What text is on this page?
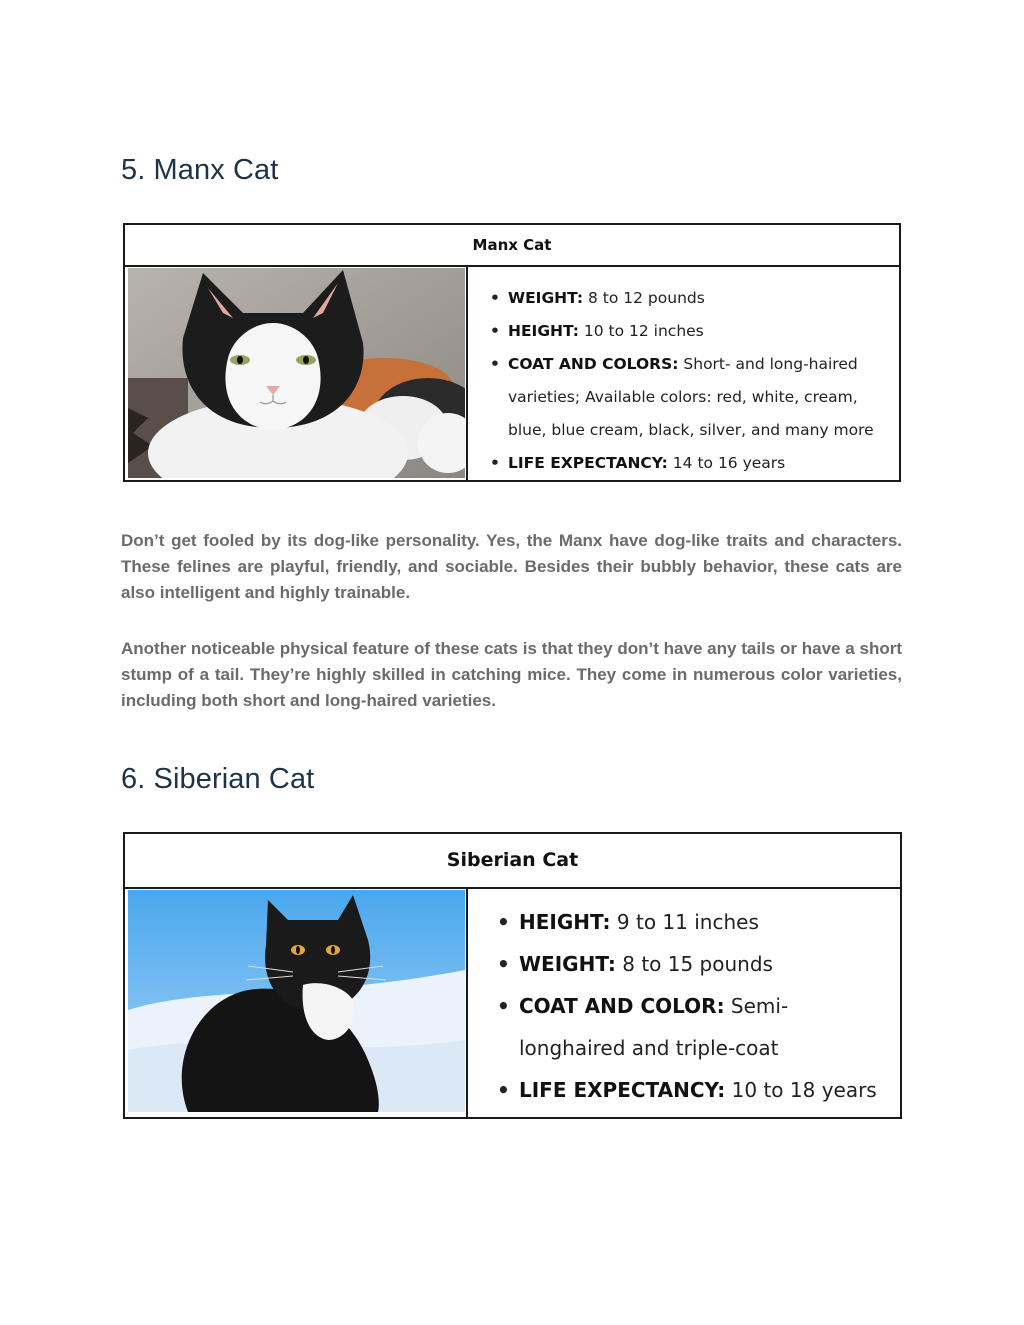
5. Manx Cat
Manx Cat
• WEIGHT: 8 to 12 pounds
• HEIGHT: 10 to 12 inches
• COAT AND COLORS: Short- and long-haired varieties; Available colors: red, white, cream, blue, blue cream, black, silver, and many more
• LIFE EXPECTANCY: 14 to 16 years

Don’t get fooled by its dog-like personality. Yes, the Manx have dog-like traits and characters. These felines are playful, friendly, and sociable. Besides their bubbly behavior, these cats are also intelligent and highly trainable.

Another noticeable physical feature of these cats is that they don’t have any tails or have a short stump of a tail. They’re highly skilled in catching mice. They come in numerous color varieties, including both short and long-haired varieties.

6. Siberian Cat
Siberian Cat
• HEIGHT: 9 to 11 inches
• WEIGHT: 8 to 15 pounds
• COAT AND COLOR: Semi-longhaired and triple-coat
• LIFE EXPECTANCY: 10 to 18 years
